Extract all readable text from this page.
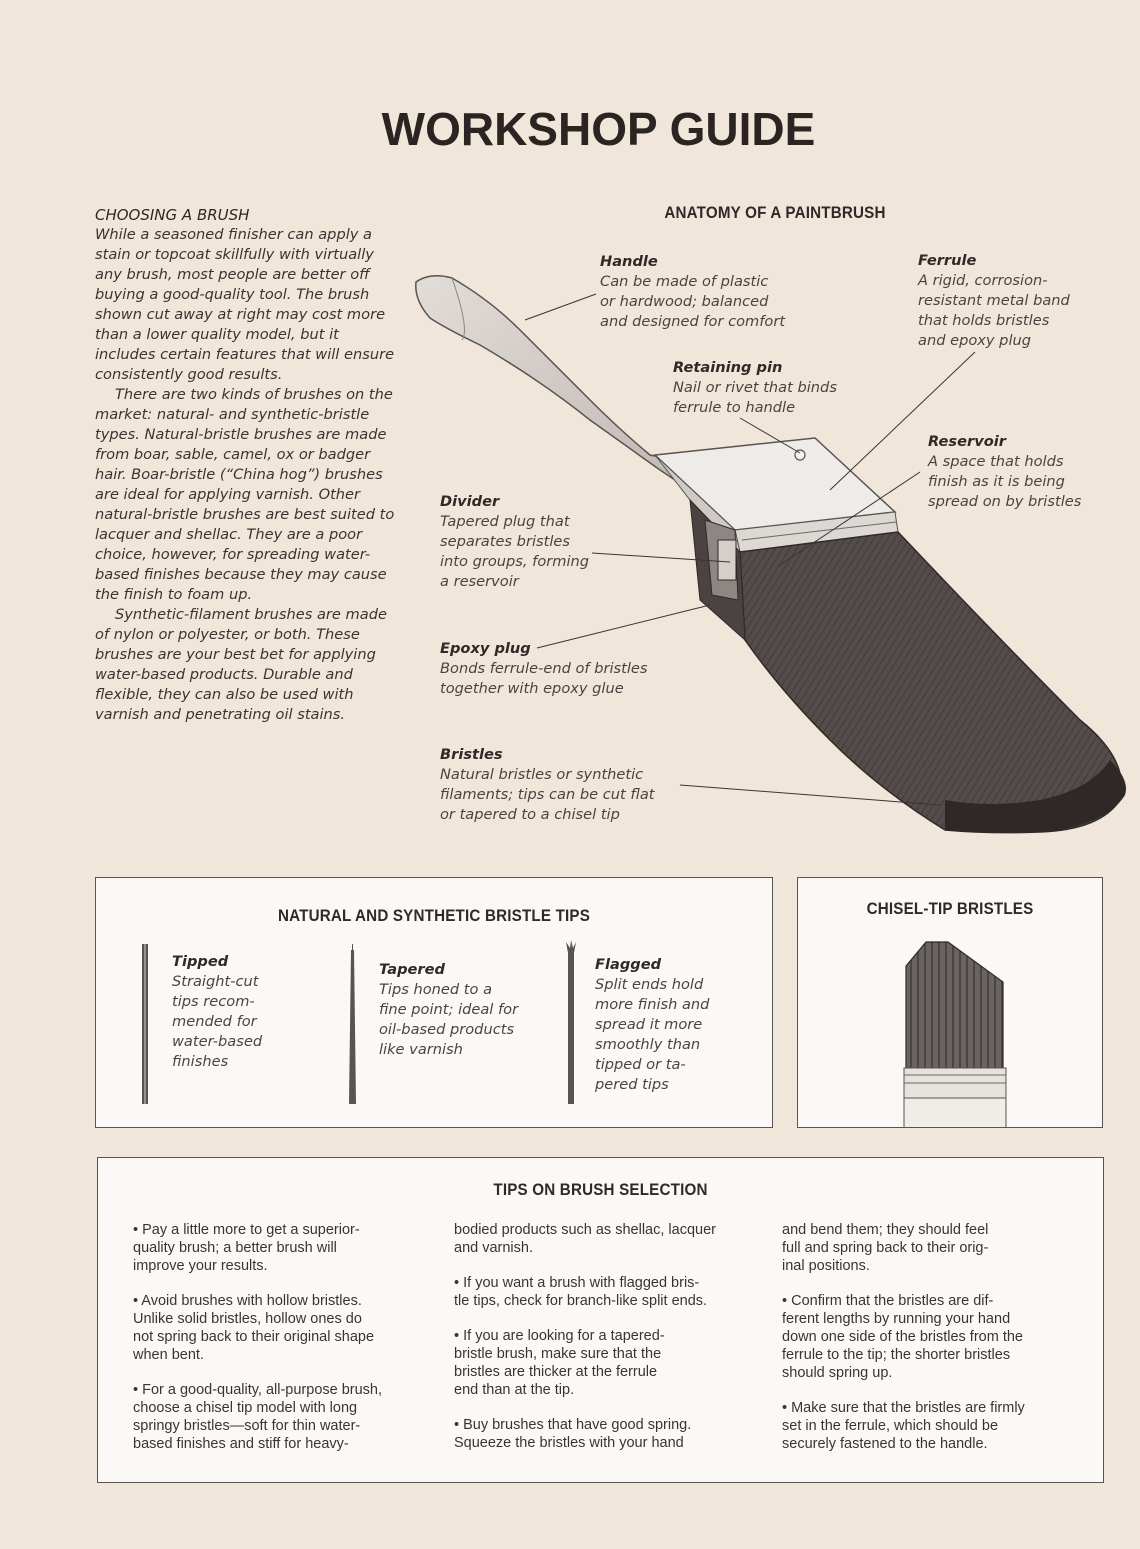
WORKSHOP GUIDE
CHOOSING A BRUSH

While a seasoned finisher can apply a stain or topcoat skillfully with virtually any brush, most people are better off buying a good-quality tool. The brush shown cut away at right may cost more than a lower quality model, but it includes certain features that will ensure consistently good results.

There are two kinds of brushes on the market: natural- and synthetic-bristle types. Natural-bristle brushes are made from boar, sable, camel, ox or badger hair. Boar-bristle (“China hog”) brushes are ideal for applying varnish. Other natural-bristle brushes are best suited to lacquer and shellac. They are a poor choice, however, for spreading water-based finishes because they may cause the finish to foam up.

Synthetic-filament brushes are made of nylon or polyester, or both. These brushes are your best bet for applying water-based products. Durable and flexible, they can also be used with varnish and penetrating oil stains.

ANATOMY OF A PAINTBRUSH
Handle
Can be made of plastic
or hardwood; balanced
and designed for comfort
Ferrule
A rigid, corrosion-
resistant metal band
that holds bristles
and epoxy plug
Retaining pin
Nail or rivet that binds
ferrule to handle
Reservoir
A space that holds
finish as it is being
spread on by bristles
Divider
Tapered plug that
separates bristles
into groups, forming
a reservoir
Epoxy plug
Bonds ferrule-end of bristles
together with epoxy glue
Bristles
Natural bristles or synthetic
filaments; tips can be cut flat
or tapered to a chisel tip
NATURAL AND SYNTHETIC BRISTLE TIPS
Tipped
Straight-cut
tips recom-
mended for
water-based
finishes
Tapered
Tips honed to a
fine point; ideal for
oil-based products
like varnish
Flagged
Split ends hold
more finish and
spread it more
smoothly than
tipped or ta-
pered tips
CHISEL-TIP BRISTLES
TIPS ON BRUSH SELECTION

• Pay a little more to get a superior-
quality brush; a better brush will
improve your results.

• Avoid brushes with hollow bristles.
Unlike solid bristles, hollow ones do
not spring back to their original shape
when bent.

• For a good-quality, all-purpose brush,
choose a chisel tip model with long
springy bristles—soft for thin water-
based finishes and stiff for heavy-

bodied products such as shellac, lacquer
and varnish.

• If you want a brush with flagged bris-
tle tips, check for branch-like split ends.

• If you are looking for a tapered-
bristle brush, make sure that the
bristles are thicker at the ferrule
end than at the tip.

• Buy brushes that have good spring.
Squeeze the bristles with your hand

and bend them; they should feel
full and spring back to their orig-
inal positions.

• Confirm that the bristles are dif-
ferent lengths by running your hand
down one side of the bristles from the
ferrule to the tip; the shorter bristles
should spring up.

• Make sure that the bristles are firmly
set in the ferrule, which should be
securely fastened to the handle.
